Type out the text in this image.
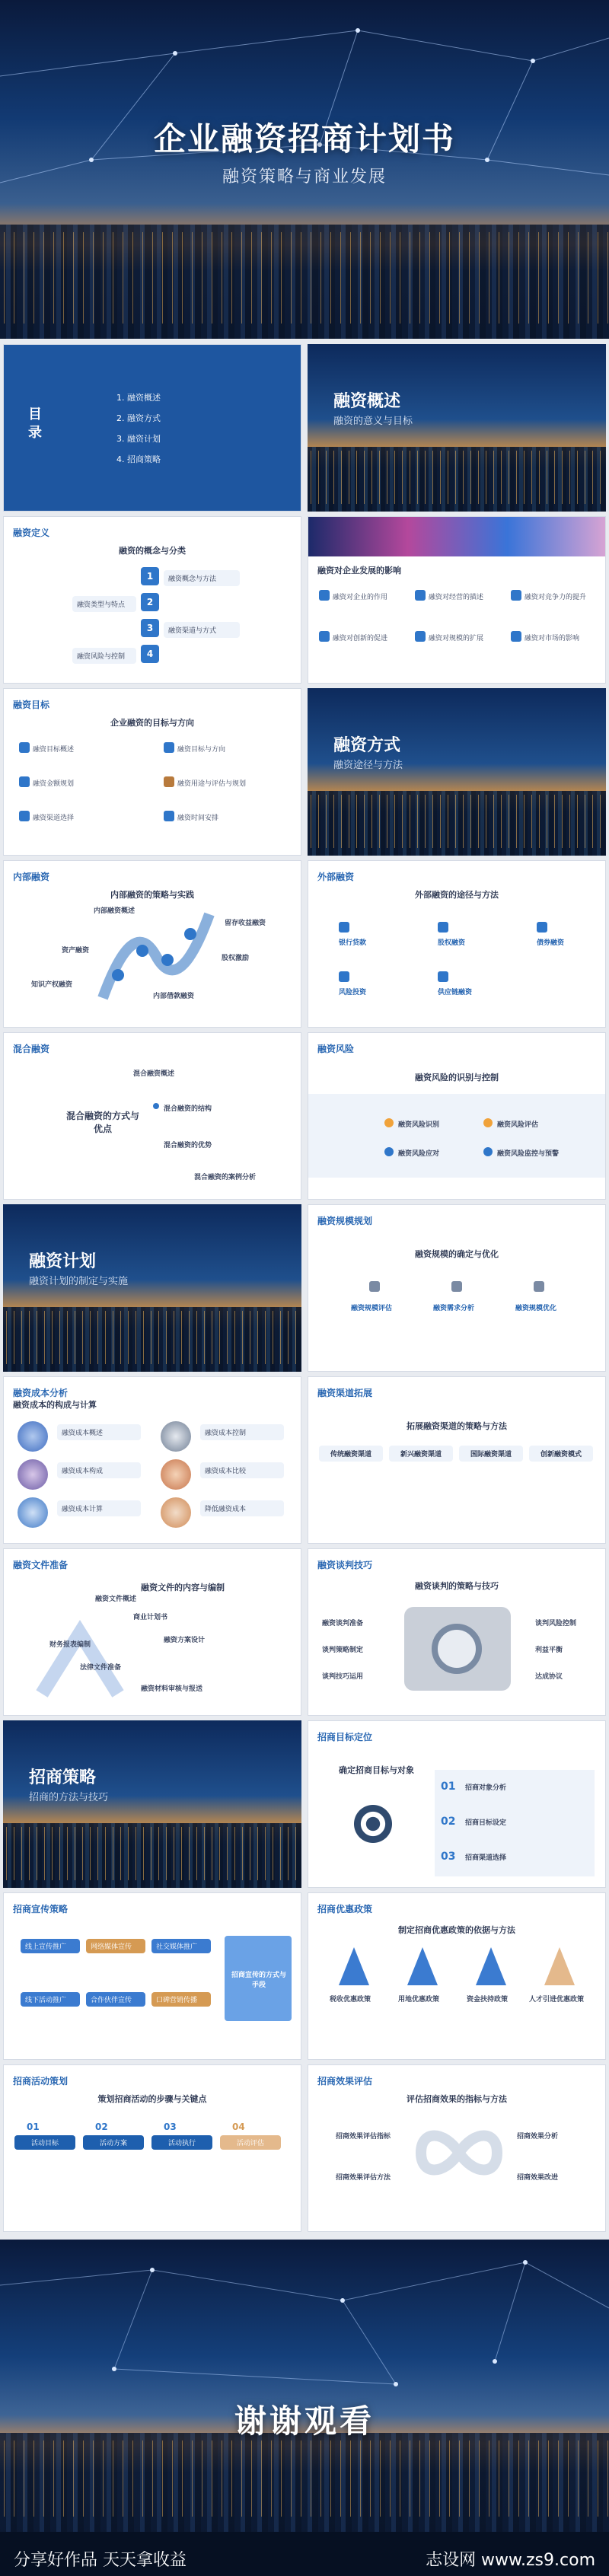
企业融资招商计划书
融资策略与商业发展
目录
1. 融资概述
2. 融资方式
3. 融资计划
4. 招商策略
融资概述
融资的意义与目标
融资定义
融资的概念与分类
1	融资概念与方法
2
融资类型与特点
3	融资渠道与方式
4
融资风险与控制
融资对企业发展的影响
融资对企业的作用	融资对经营的描述	融资对竞争力的提升
融资对创新的促进	融资对规模的扩展	融资对市场的影响
融资目标
企业融资的目标与方向
融资目标概述	融资目标与方向
融资金额规划	融资用途与评估与规划
融资渠道选择	融资时间安排
融资方式
融资途径与方法
内部融资
内部融资的策略与实践
内部融资概述
留存收益融资
资产融资
股权激励
知识产权融资
内部借款融资
外部融资
外部融资的途径与方法
银行贷款	股权融资	债券融资
风险投资	供应链融资
混合融资
混合融资的方式与优点
混合融资概述
混合融资的结构
混合融资的优势
混合融资的案例分析
融资风险
融资风险的识别与控制
融资风险识别	融资风险评估
融资风险应对	融资风险监控与预警
融资计划
融资计划的制定与实施
融资规模规划
融资规模的确定与优化
融资规模评估	融资需求分析	融资规模优化
融资成本分析
融资成本的构成与计算
融资成本概述
融资成本构成
融资成本计算
融资成本控制
融资成本比较
降低融资成本
融资渠道拓展
拓展融资渠道的策略与方法
传统融资渠道	新兴融资渠道	国际融资渠道	创新融资模式
融资文件准备
融资文件的内容与编制
融资文件概述
商业计划书
财务报表编制
融资方案设计
法律文件准备
融资材料审核与报送
融资谈判技巧
融资谈判的策略与技巧
融资谈判准备
谈判策略制定
谈判技巧运用
谈判风险控制
利益平衡
达成协议
招商策略
招商的方法与技巧
招商目标定位
确定招商目标与对象
01 招商对象分析
02 招商目标设定
03 招商渠道选择
招商宣传策略
线上宣传推广	网络媒体宣传	社交媒体推广
线下活动推广	合作伙伴宣传	口碑营销传播
招商宣传的方式与手段
招商优惠政策
制定招商优惠政策的依据与方法
税收优惠政策	用地优惠政策	资金扶持政策	人才引进优惠政策
招商活动策划
策划招商活动的步骤与关键点
01
活动目标
02
活动方案
03
活动执行
04
活动评估
招商效果评估
评估招商效果的指标与方法
招商效果评估指标
招商效果评估方法
招商效果分析
招商效果改进
谢谢观看
分享好作品 天天拿收益	志设网 www.zs9.com
